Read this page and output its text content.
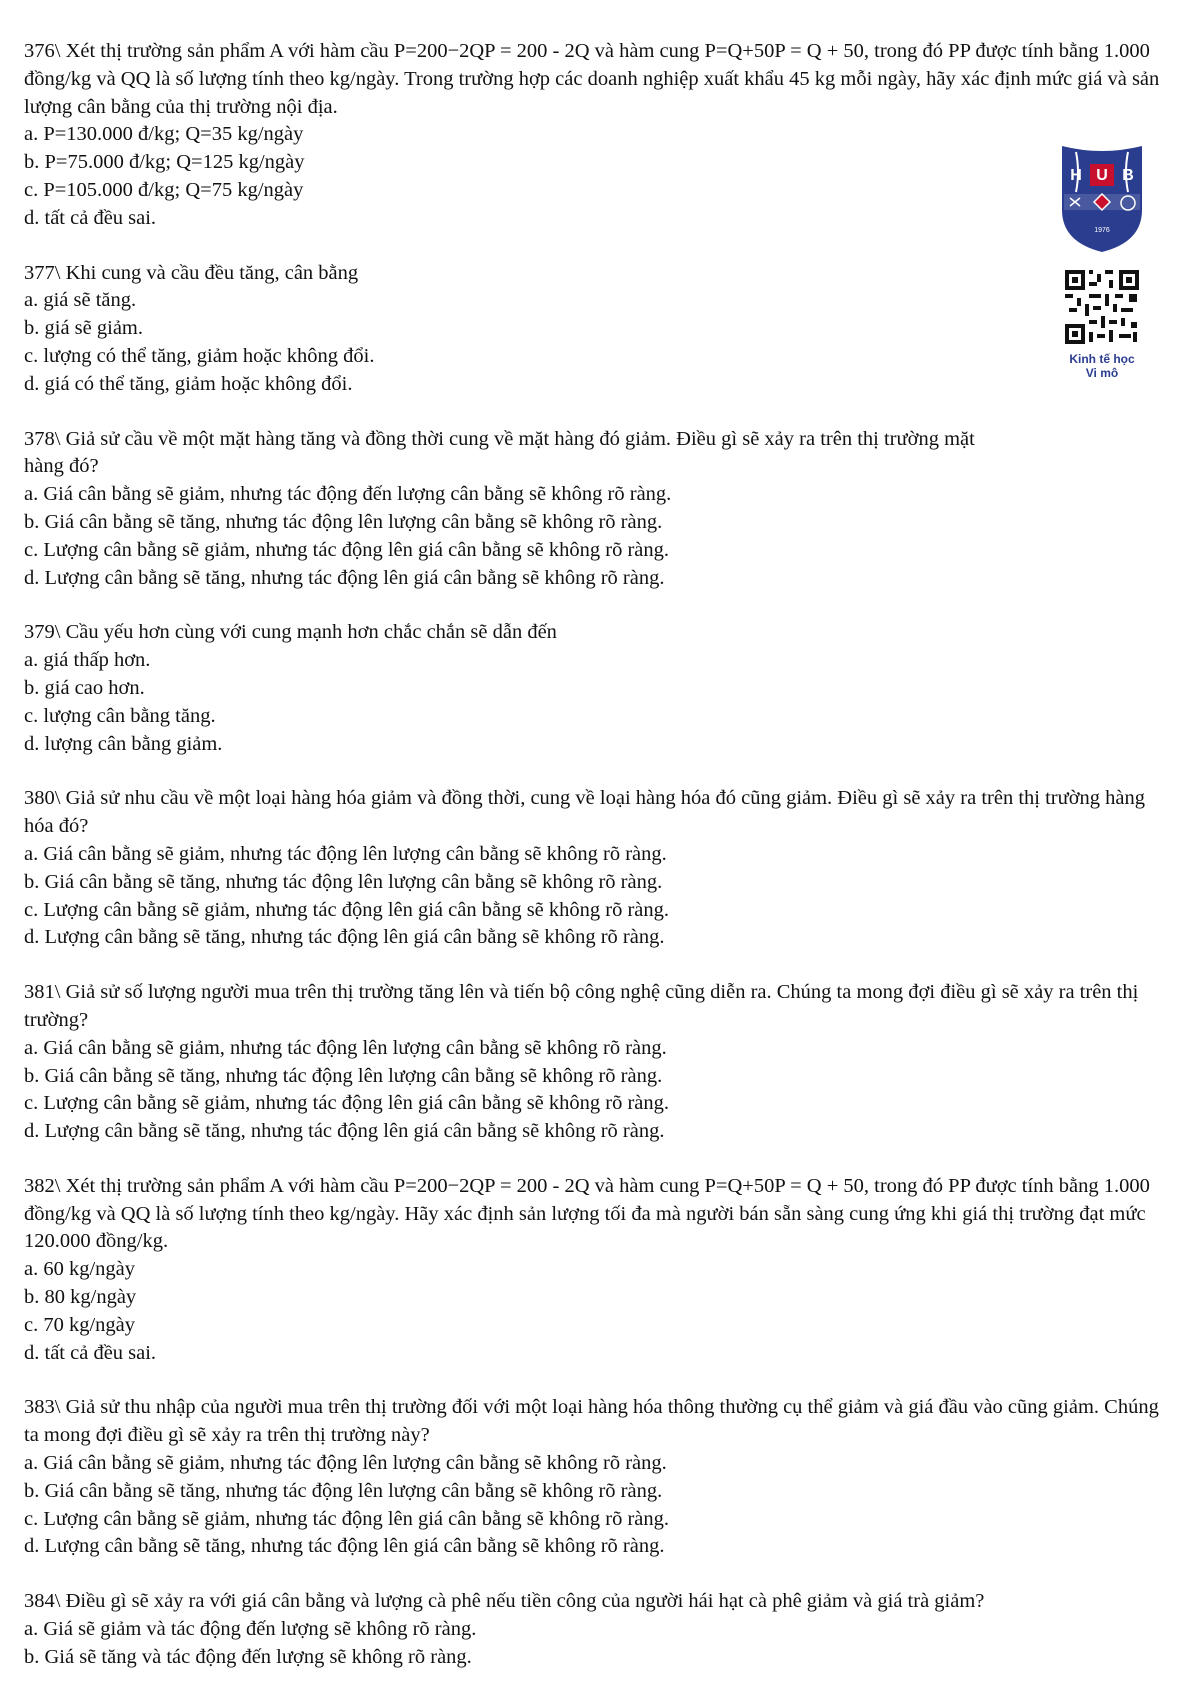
376\ Xét thị trường sản phẩm A với hàm cầu P=200−2QP = 200 - 2Q và hàm cung P=Q+50P = Q + 50, trong đó PP được tính bằng 1.000 đồng/kg và QQ là số lượng tính theo kg/ngày. Trong trường hợp các doanh nghiệp xuất khẩu 45 kg mỗi ngày, hãy xác định mức giá và sản lượng cân bằng của thị trường nội địa.

a. P=130.000 đ/kg; Q=35 kg/ngày

b. P=75.000 đ/kg; Q=125 kg/ngày

c. P=105.000 đ/kg; Q=75 kg/ngày

d. tất cả đều sai.

377\ Khi cung và cầu đều tăng, cân bằng

a. giá sẽ tăng.

b. giá sẽ giảm.

c. lượng có thể tăng, giảm hoặc không đổi.

d. giá có thể tăng, giảm hoặc không đổi.

378\ Giả sử cầu về một mặt hàng tăng và đồng thời cung về mặt hàng đó giảm. Điều gì sẽ xảy ra trên thị trường mặt hàng đó?

a. Giá cân bằng sẽ giảm, nhưng tác động đến lượng cân bằng sẽ không rõ ràng.

b. Giá cân bằng sẽ tăng, nhưng tác động lên lượng cân bằng sẽ không rõ ràng.

c. Lượng cân bằng sẽ giảm, nhưng tác động lên giá cân bằng sẽ không rõ ràng.

d. Lượng cân bằng sẽ tăng, nhưng tác động lên giá cân bằng sẽ không rõ ràng.

379\ Cầu yếu hơn cùng với cung mạnh hơn chắc chắn sẽ dẫn đến

a. giá thấp hơn.

b. giá cao hơn.

c. lượng cân bằng tăng.

d. lượng cân bằng giảm.

380\ Giả sử nhu cầu về một loại hàng hóa giảm và đồng thời, cung về loại hàng hóa đó cũng giảm. Điều gì sẽ xảy ra trên thị trường hàng hóa đó?

a. Giá cân bằng sẽ giảm, nhưng tác động lên lượng cân bằng sẽ không rõ ràng.

b. Giá cân bằng sẽ tăng, nhưng tác động lên lượng cân bằng sẽ không rõ ràng.

c. Lượng cân bằng sẽ giảm, nhưng tác động lên giá cân bằng sẽ không rõ ràng.

d. Lượng cân bằng sẽ tăng, nhưng tác động lên giá cân bằng sẽ không rõ ràng.

381\ Giả sử số lượng người mua trên thị trường tăng lên và tiến bộ công nghệ cũng diễn ra. Chúng ta mong đợi điều gì sẽ xảy ra trên thị trường?

a. Giá cân bằng sẽ giảm, nhưng tác động lên lượng cân bằng sẽ không rõ ràng.

b. Giá cân bằng sẽ tăng, nhưng tác động lên lượng cân bằng sẽ không rõ ràng.

c. Lượng cân bằng sẽ giảm, nhưng tác động lên giá cân bằng sẽ không rõ ràng.

d. Lượng cân bằng sẽ tăng, nhưng tác động lên giá cân bằng sẽ không rõ ràng.

382\ Xét thị trường sản phẩm A với hàm cầu P=200−2QP = 200 - 2Q và hàm cung P=Q+50P = Q + 50, trong đó PP được tính bằng 1.000 đồng/kg và QQ là số lượng tính theo kg/ngày. Hãy xác định sản lượng tối đa mà người bán sẵn sàng cung ứng khi giá thị trường đạt mức 120.000 đồng/kg.

a. 60 kg/ngày

b. 80 kg/ngày

c. 70 kg/ngày

d. tất cả đều sai.

383\ Giả sử thu nhập của người mua trên thị trường đối với một loại hàng hóa thông thường cụ thể giảm và giá đầu vào cũng giảm. Chúng ta mong đợi điều gì sẽ xảy ra trên thị trường này?

a. Giá cân bằng sẽ giảm, nhưng tác động lên lượng cân bằng sẽ không rõ ràng.

b. Giá cân bằng sẽ tăng, nhưng tác động lên lượng cân bằng sẽ không rõ ràng.

c. Lượng cân bằng sẽ giảm, nhưng tác động lên giá cân bằng sẽ không rõ ràng.

d. Lượng cân bằng sẽ tăng, nhưng tác động lên giá cân bằng sẽ không rõ ràng.

384\ Điều gì sẽ xảy ra với giá cân bằng và lượng cà phê nếu tiền công của người hái hạt cà phê giảm và giá trà giảm?

a. Giá sẽ giảm và tác động đến lượng sẽ không rõ ràng.

b. Giá sẽ tăng và tác động đến lượng sẽ không rõ ràng.

H U B
1976
Kinh tế học
Vi mô
